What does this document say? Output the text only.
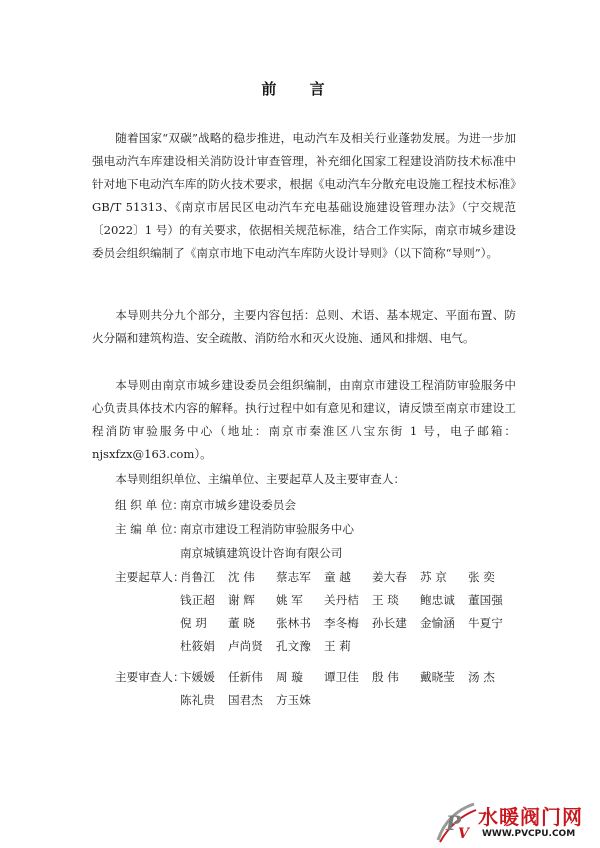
前 言

随着国家“双碳”战略的稳步推进，电动汽车及相关行业蓬勃发展。为进一步加强电动汽车库建设相关消防设计审查管理，补充细化国家工程建设消防技术标准中针对地下电动汽车库的防火技术要求，根据《电动汽车分散充电设施工程技术标准》GB/T 51313、《南京市居民区电动汽车充电基础设施建设管理办法》（宁交规范〔2022〕1 号）的有关要求，依据相关规范标准，结合工作实际，南京市城乡建设委员会组织编制了《南京市地下电动汽车库防火设计导则》（以下简称“导则”）。

本导则共分九个部分，主要内容包括：总则、术语、基本规定、平面布置、防火分隔和建筑构造、安全疏散、消防给水和灭火设施、通风和排烟、电气。

本导则由南京市城乡建设委员会组织编制，由南京市建设工程消防审验服务中心负责具体技术内容的解释。执行过程中如有意见和建议，请反馈至南京市建设工程消防审验服务中心（地址：南京市秦淮区八宝东街 1 号，电子邮箱：njsxfzx@163.com）。

本导则组织单位、主编单位、主要起草人及主要审查人：

组 织 单 位：南京市城乡建设委员会
主 编 单 位：南京市建设工程消防审验服务中心
南京城镇建筑设计咨询有限公司
主要起草人：
肖鲁江 沈 伟 蔡志军 童 越 姜大春 苏 京 张 奕钱正超 谢 辉 姚 军 关丹桔 王 琰 鲍忠诚 董国强倪 玥 董 晓 张林书 李冬梅 孙长建 金愉涵 牛夏宁杜筱娟 卢尚贤 孔文豫 王 莉
主要审查人：
卞媛媛 任新伟 周 璇 谭卫佳 殷 伟 戴晓莹 汤 杰陈礼贵 国君杰 方玉姝
P
V
水暖阀门网
WWW.PVCPU.COM
